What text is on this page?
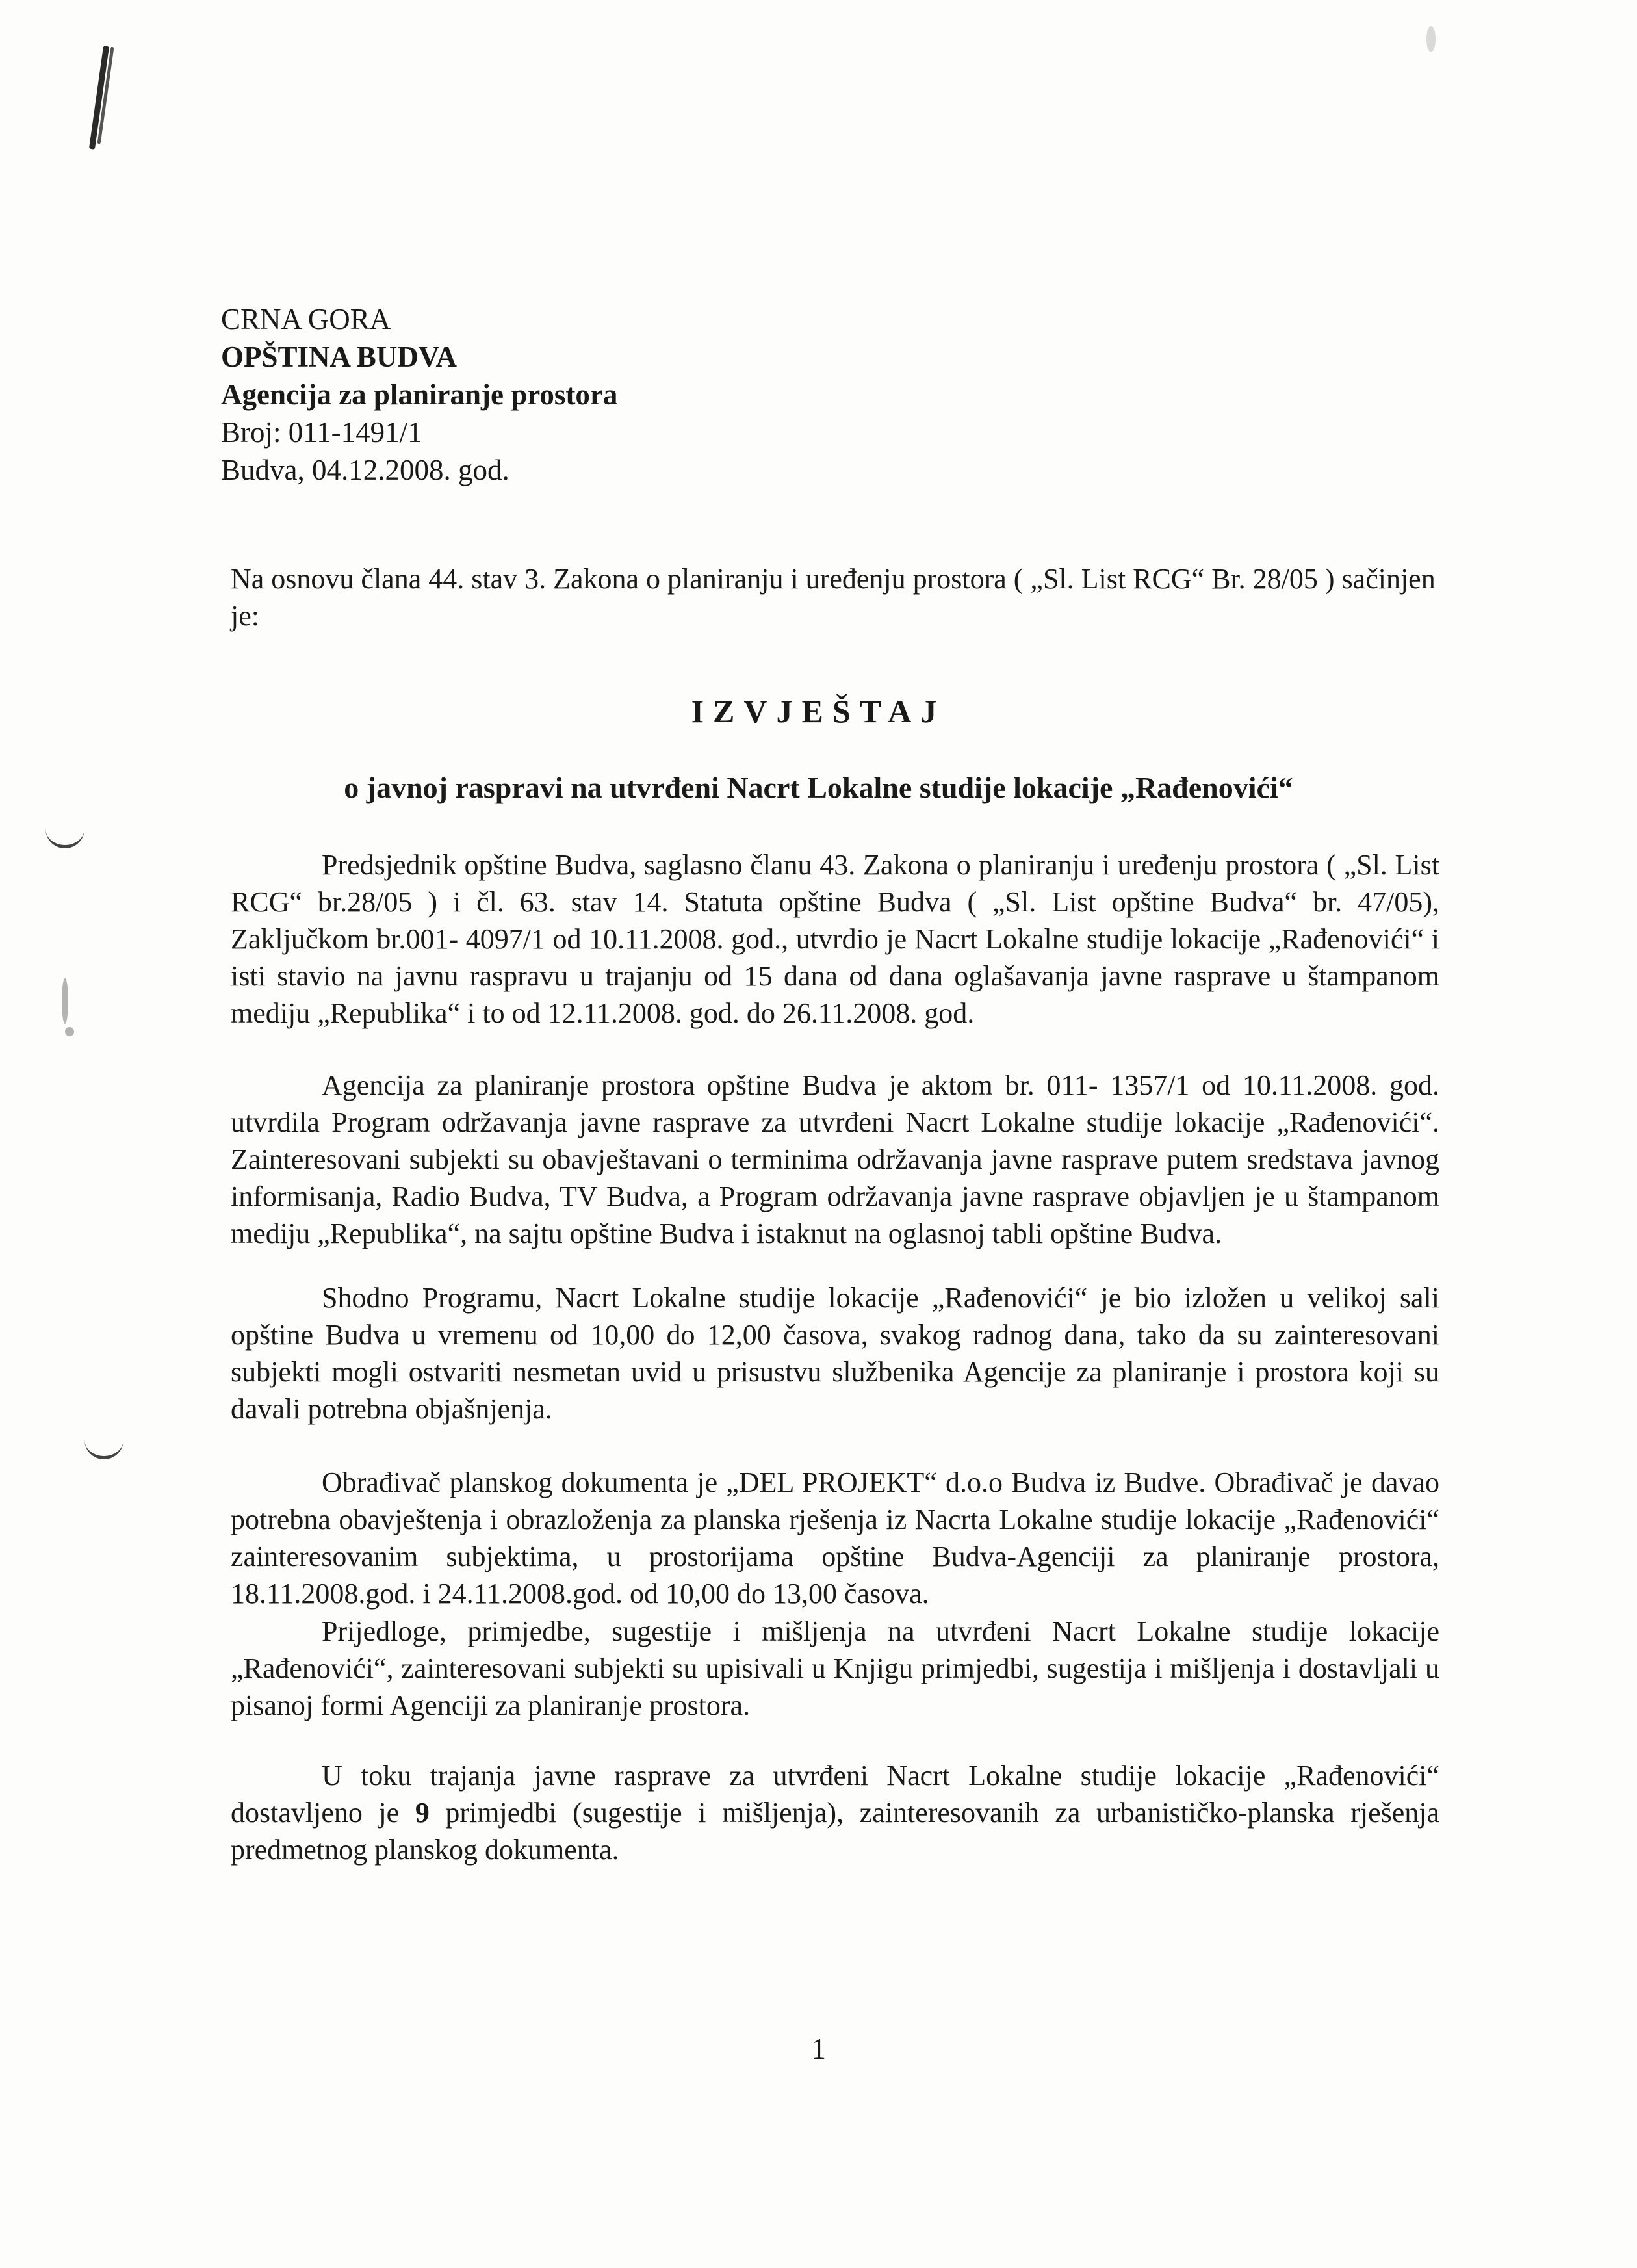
CRNA GORA
OPŠTINA BUDVA
Agencija za planiranje prostora
Broj: 011-1491/1
Budva, 04.12.2008. god.
Na osnovu člana 44. stav 3. Zakona o planiranju i uređenju prostora ( „Sl. List RCG“ Br. 28/05 ) sačinjen je:
IZVJEŠTAJ
o javnoj raspravi na utvrđeni Nacrt Lokalne studije lokacije „Rađenovići“
Predsjednik opštine Budva, saglasno članu 43. Zakona o planiranju i uređenju prostora ( „Sl. List RCG“ br.28/05 ) i čl. 63. stav 14. Statuta opštine Budva ( „Sl. List opštine Budva“ br. 47/05), Zaključkom br.001- 4097/1 od 10.11.2008. god., utvrdio je Nacrt Lokalne studije lokacije „Rađenovići“ i isti stavio na javnu raspravu u trajanju od 15 dana od dana oglašavanja javne rasprave u štampanom mediju „Republika“ i to od 12.11.2008. god. do 26.11.2008. god.
Agencija za planiranje prostora opštine Budva je aktom br. 011- 1357/1 od 10.11.2008. god. utvrdila Program održavanja javne rasprave za utvrđeni Nacrt Lokalne studije lokacije „Rađenovići“. Zainteresovani subjekti su obavještavani o terminima održavanja javne rasprave putem sredstava javnog informisanja, Radio Budva, TV Budva, a Program održavanja javne rasprave objavljen je u štampanom mediju „Republika“, na sajtu opštine Budva i istaknut na oglasnoj tabli opštine Budva.
Shodno Programu, Nacrt Lokalne studije lokacije „Rađenovići“ je bio izložen u velikoj sali opštine Budva u vremenu od 10,00 do 12,00 časova, svakog radnog dana, tako da su zainteresovani subjekti mogli ostvariti nesmetan uvid u prisustvu službenika Agencije za planiranje i prostora koji su davali potrebna objašnjenja.
Obrađivač planskog dokumenta je „DEL PROJEKT“ d.o.o Budva iz Budve. Obrađivač je davao potrebna obavještenja i obrazloženja za planska rješenja iz Nacrta Lokalne studije lokacije „Rađenovići“ zainteresovanim subjektima, u prostorijama opštine Budva-Agenciji za planiranje prostora, 18.11.2008.god. i 24.11.2008.god. od 10,00 do 13,00 časova.
Prijedloge, primjedbe, sugestije i mišljenja na utvrđeni Nacrt Lokalne studije lokacije „Rađenovići“, zainteresovani subjekti su upisivali u Knjigu primjedbi, sugestija i mišljenja i dostavljali u pisanoj formi Agenciji za planiranje prostora.
U toku trajanja javne rasprave za utvrđeni Nacrt Lokalne studije lokacije „Rađenovići“ dostavljeno je 9 primjedbi (sugestije i mišljenja), zainteresovanih za urbanističko-planska rješenja predmetnog planskog dokumenta.
1
